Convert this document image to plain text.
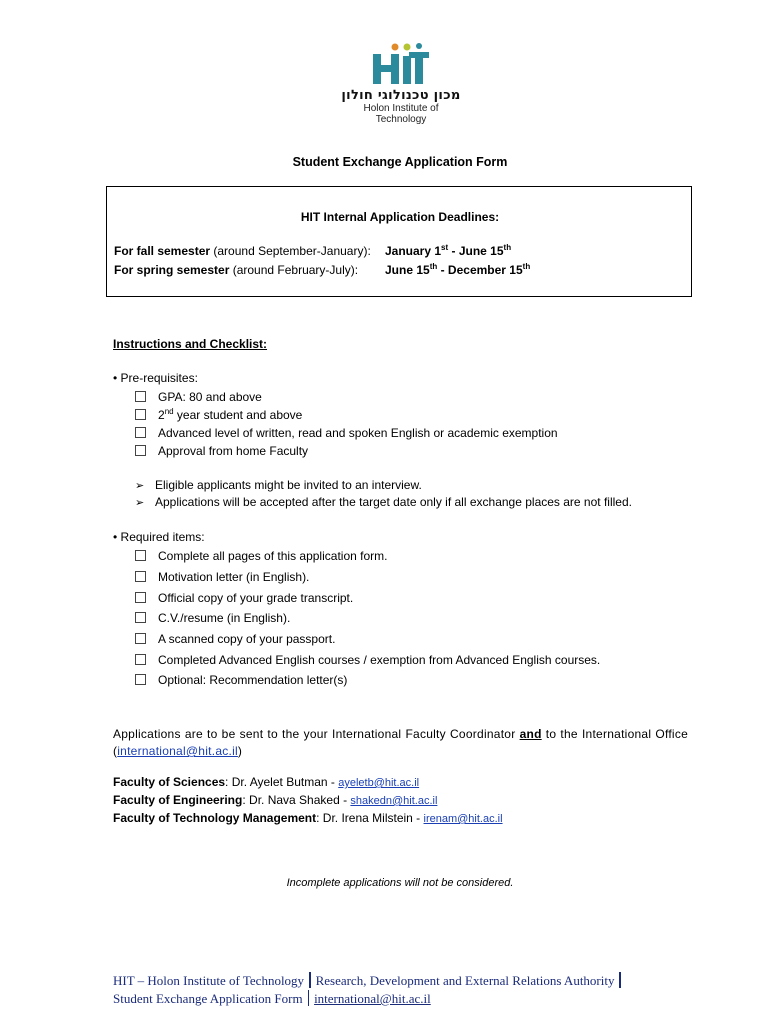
מכון טכנולוגי חולון
Holon Institute of Technology
Student Exchange Application Form
HIT Internal Application Deadlines:
For fall semester (around September-January): January 1st - June 15th
For spring semester (around February-July): June 15th - December 15th
Instructions and Checklist:
• Pre-requisites:
GPA: 80 and above
2nd year student and above
Advanced level of written, read and spoken English or academic exemption
Approval from home Faculty
➢ Eligible applicants might be invited to an interview.
➢ Applications will be accepted after the target date only if all exchange places are not filled.
• Required items:
Complete all pages of this application form.
Motivation letter (in English).
Official copy of your grade transcript.
C.V./resume (in English).
A scanned copy of your passport.
Completed Advanced English courses / exemption from Advanced English courses.
Optional: Recommendation letter(s)
Applications are to be sent to the your International Faculty Coordinator and to the International Office (international@hit.ac.il)
Faculty of Sciences: Dr. Ayelet Butman - ayeletb@hit.ac.il
Faculty of Engineering: Dr. Nava Shaked - shakedn@hit.ac.il
Faculty of Technology Management: Dr. Irena Milstein - irenam@hit.ac.il
Incomplete applications will not be considered.
HIT – Holon Institute of Technology Research, Development and External Relations Authority
Student Exchange Application Form international@hit.ac.il
